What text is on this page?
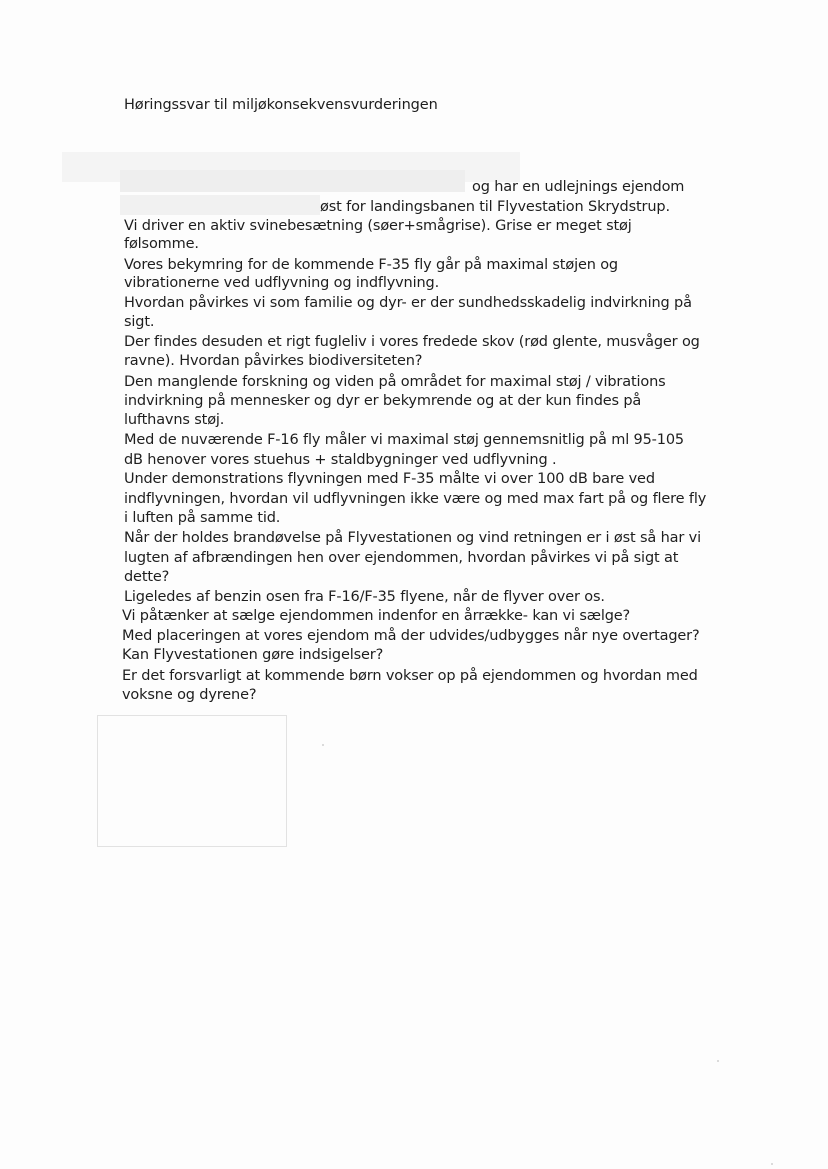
Høringssvar til miljøkonsekvensvurderingen
og har en udlejnings ejendom
øst for landingsbanen til Flyvestation Skrydstrup.
Vi driver en aktiv svinebesætning (søer+smågrise). Grise er meget støj
følsomme.
Vores bekymring for de kommende F-35 fly går på maximal støjen og
vibrationerne ved udflyvning og indflyvning.
Hvordan påvirkes vi som familie og dyr- er der sundhedsskadelig indvirkning på
sigt.
Der findes desuden et rigt fugleliv i vores fredede skov (rød glente, musvåger og
ravne). Hvordan påvirkes biodiversiteten?
Den manglende forskning og viden på området for maximal støj / vibrations
indvirkning på mennesker og dyr er bekymrende og at der kun findes på
lufthavns støj.
Med de nuværende F-16 fly måler vi maximal støj gennemsnitlig på ml 95-105
dB henover vores stuehus + staldbygninger ved udflyvning .
Under demonstrations flyvningen med F-35 målte vi over 100 dB bare ved
indflyvningen, hvordan vil udflyvningen ikke være og med max fart på og flere fly
i luften på samme tid.
Når der holdes brandøvelse på Flyvestationen og vind retningen er i øst så har vi
lugten af afbrændingen hen over ejendommen, hvordan påvirkes vi på sigt at
dette?
Ligeledes af benzin osen fra F-16/F-35 flyene, når de flyver over os.
Vi påtænker at sælge ejendommen indenfor en årrække- kan vi sælge?
Med placeringen at vores ejendom må der udvides/udbygges når nye overtager?
Kan Flyvestationen gøre indsigelser?
Er det forsvarligt at kommende børn vokser op på ejendommen og hvordan med
voksne og dyrene?
